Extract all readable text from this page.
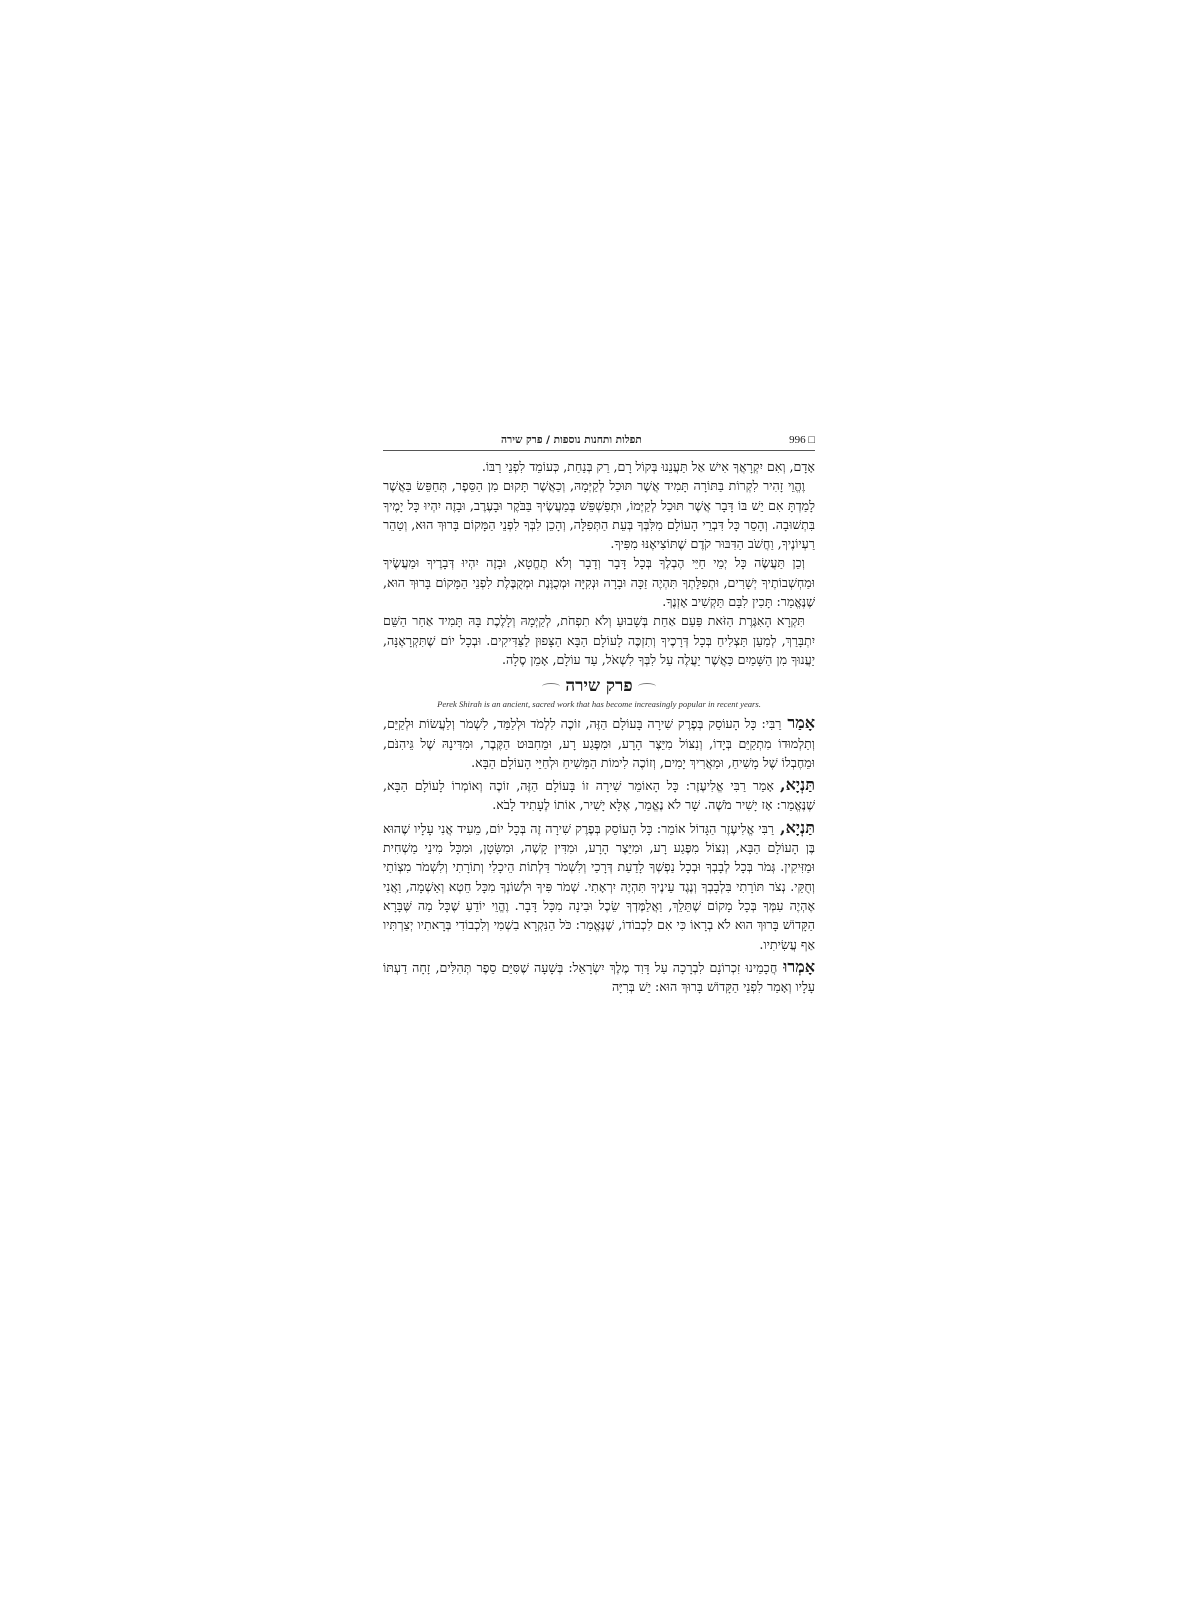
996 □
תפלות ותחנות נוספות / פרק שירה

אָדָם, וְאִם יִקְרָאֲךָ אִישׁ אַל תַּעֲנֵנוּ בְּקוֹל רָם, רַק בְּנַחַת, כְּעוֹמֵד לִפְנֵי רַבּוֹ.

וֶהֱוֵי זָהִיר לִקְרוֹת בַּתּוֹרָה תָּמִיד אֲשֶׁר תּוּכַל לְקַיְּמָהּ, וְכַאֲשֶׁר תָּקוּם מִן הַסֵּפֶר, תְּחַפֵּשׂ בַּאֲשֶׁר לָמַדְתָּ אִם יֵשׁ בּוֹ דָּבָר אֲשֶׁר תּוּכַל לְקַיְּמוֹ, וּתְפַשְׁפֵּשׁ בְּמַעֲשֶׂיךָ בַּבֹּקֶר וּבָעֶרֶב, וּבָזֶה יִהְיוּ כָּל יָמֶיךָ בִּתְשׁוּבָה. וְהָסֵר כָּל דִּבְרֵי הָעוֹלָם מִלִּבְּךָ בְּעֵת הַתְּפִלָּה, וְהָכֵן לִבְּךָ לִפְנֵי הַמָּקוֹם בָּרוּךְ הוּא, וְטַהֵר רַעְיוֹנֶיךָ, וַחֲשֹׁב הַדִּבּוּר קֹדֶם שֶׁתּוֹצִיאֶנּוּ מִפִּיךָ.

וְכֵן תַּעֲשֶׂה כָּל יְמֵי חַיֵּי הֶבְלֶךָ בְּכָל דָּבָר וְדָבָר וְלֹא תֶחֱטָא, וּבָזֶה יִהְיוּ דְּבָרֶיךָ וּמַעֲשֶׂיךָ וּמַחְשְׁבוֹתֶיךָ יְשָׁרִים, וּתְפִלָּתְךָ תִּהְיֶה זַכָּה וּבָרָה וּנְקִיָּה וּמְכֻוֶּנֶת וּמְקֻבֶּלֶת לִפְנֵי הַמָּקוֹם בָּרוּךְ הוּא, שֶׁנֶּאֱמַר: תָּכִין לִבָּם תַּקְשִׁיב אָזְנֶךָ.

תִּקְרָא הָאִגֶּרֶת הַזֹּאת פַּעַם אַחַת בְּשָׁבוּעַ וְלֹא תִפְחֹת, לְקַיְּמָהּ וְלָלֶכֶת בָּהּ תָּמִיד אַחַר הַשֵּׁם יִתְבָּרַךְ, לְמַעַן תַּצְלִיחַ בְּכָל דְּרָכֶיךָ וְתִזְכֶּה לָעוֹלָם הַבָּא הַצָּפוּן לַצַּדִּיקִים. וּבְכָל יוֹם שֶׁתִּקְרָאֶנָּה, יַעֲנוּךָ מִן הַשָּׁמַיִם כַּאֲשֶׁר יַעֲלֶה עַל לִבְּךָ לִשְׁאֹל, עַד עוֹלָם, אָמֵן סֶלָה.

פרק שירה
Perek Shirah is an ancient, sacred work that has become increasingly popular in recent years.

אָמַררַבִּי: כָּל הָעוֹסֵק בְּפֶרֶק שִׁירָה בָּעוֹלָם הַזֶּה, זוֹכֶה לִלְמֹד וּלְלַמֵּד, לִשְׁמֹר וְלַעֲשׂוֹת וּלְקַיֵּם, וְתַלְמוּדוֹ מִתְקַיֵּם בְּיָדוֹ, וְנִצּוֹל מִיֵּצֶר הָרָע, וּמִפֶּגַע רָע, וּמֵחִבּוּט הַקֶּבֶר, וּמִדִּינָהּ שֶׁל גֵּיהִנֹּם, וּמֵחֶבְלוֹ שֶׁל מָשִׁיחַ, וּמַאֲרִיךְ יָמִים, וְזוֹכֶה לִימוֹת הַמָּשִׁיחַ וּלְחַיֵּי הָעוֹלָם הַבָּא.

תַּנְיָא,אָמַר רַבִּי אֱלִיעֶזֶר: כָּל הָאוֹמֵר שִׁירָה זוֹ בָּעוֹלָם הַזֶּה, זוֹכֶה וְאוֹמְרוֹ לָעוֹלָם הַבָּא, שֶׁנֶּאֱמַר: אָז יָשִׁיר מֹשֶׁה. שָׁר לֹא נֶאֱמַר, אֶלָּא יָשִׁיר, אוֹתוֹ לֶעָתִיד לָבֹא.

תַּנְיָא,רַבִּי אֱלִיעֶזֶר הַגָּדוֹל אוֹמֵר: כָּל הָעוֹסֵק בְּפֶרֶק שִׁירָה זֶה בְּכָל יוֹם, מֵעִיד אֲנִי עָלָיו שֶׁהוּא בֶּן הָעוֹלָם הַבָּא, וְנִצּוֹל מִפֶּגַע רָע, וּמִיֵּצֶר הָרָע, וּמִדִּין קָשֶׁה, וּמִשָּׂטָן, וּמִכָּל מִינֵי מַשְׁחִית וּמַזִּיקִין. גְּמֹר בְּכָל לְבָבְךָ וּבְכָל נַפְשְׁךָ לָדַעַת דְּרָכַי וְלִשְׁמֹר דַּלְתוֹת הֵיכָלִי וְתוֹרָתִי וְלִשְׁמֹר מִצְוֹתַי וְחֻקַּי. נְצֹר תּוֹרָתִי בִּלְבָבְךָ וְנֶגֶד עֵינֶיךָ תִּהְיֶה יִרְאָתִי. שְׁמֹר פִּיךָ וּלְשׁוֹנְךָ מִכָּל חֵטְא וְאַשְׁמָה, וַאֲנִי אֶהְיֶה עִמְּךָ בְּכָל מָקוֹם שֶׁתֵּלֵךְ, וַאֲלַמֶּדְךָ שֵׂכֶל וּבִינָה מִכָּל דָּבָר. וֶהֱוֵי יוֹדֵעַ שֶׁכָּל מַה שֶּׁבָּרָא הַקָּדוֹשׁ בָּרוּךְ הוּא לֹא בְרָאוֹ כִּי אִם לִכְבוֹדוֹ, שֶׁנֶּאֱמַר: כֹּל הַנִּקְרָא בִשְׁמִי וְלִכְבוֹדִי בְּרָאתִיו יְצַרְתִּיו אַף עֲשִׂיתִיו.

אָמְרוּחֲכָמֵינוּ זִכְרוֹנָם לִבְרָכָה עַל דָּוִד מֶלֶךְ יִשְׂרָאֵל: בְּשָׁעָה שֶׁסִּיֵּם סֵפֶר תְּהִלִּים, זָחָה דַעְתּוֹ עָלָיו וְאָמַר לִפְנֵי הַקָּדוֹשׁ בָּרוּךְ הוּא: יֵשׁ בְּרִיָּה
